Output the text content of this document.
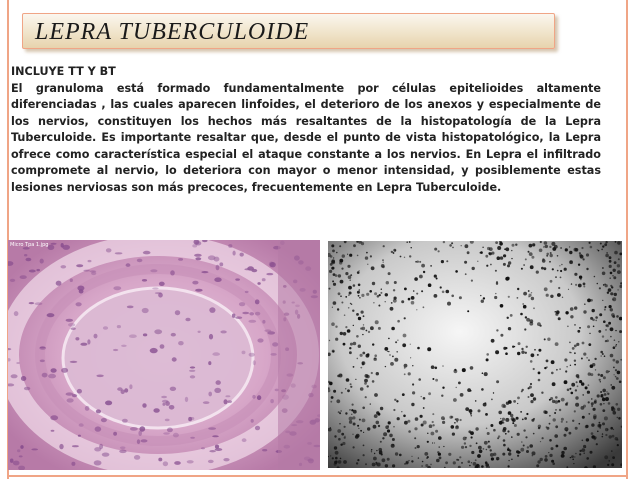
LEPRA TUBERCULOIDE
INCLUYE TT Y BT
El granuloma está formado fundamentalmente por células epitelioides altamente diferenciadas , las cuales aparecen linfoides, el deterioro de los anexos y especialmente de los nervios, constituyen los hechos más resaltantes de la histopatología de la Lepra Tuberculoide. Es importante resaltar que, desde el punto de vista histopatológico, la Lepra ofrece como característica especial el ataque constante a los nervios. En Lepra el infiltrado compromete al nervio, lo deteriora con mayor o menor intensidad, y posiblemente estas lesiones nerviosas son más precoces, frecuentemente en Lepra Tuberculoide.
Micro Tpa 1.jpg
